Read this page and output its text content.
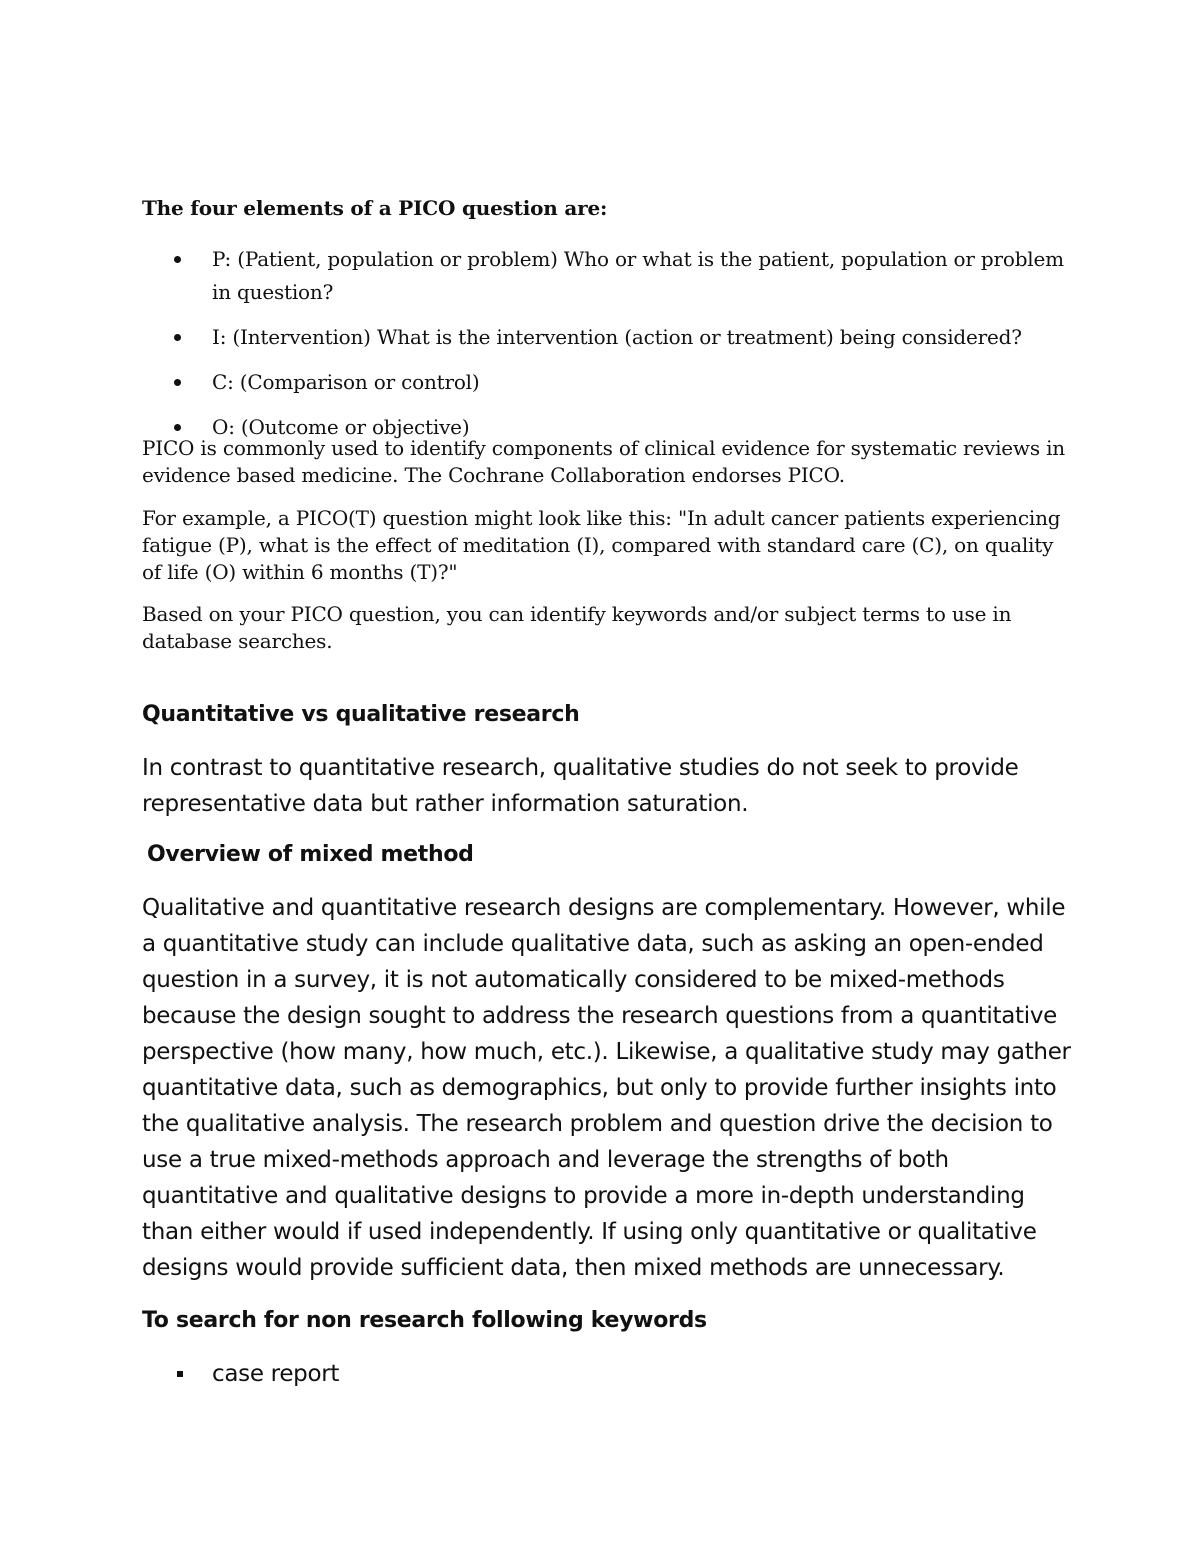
The four elements of a PICO question are:

P: (Patient, population or problem) Who or what is the patient, population or problem in question?
I: (Intervention) What is the intervention (action or treatment) being considered?
C: (Comparison or control)
O: (Outcome or objective)

PICO is commonly used to identify components of clinical evidence for systematic reviews in evidence based medicine. The Cochrane Collaboration endorses PICO.

For example, a PICO(T) question might look like this: "In adult cancer patients experiencing fatigue (P), what is the effect of meditation (I), compared with standard care (C), on quality of life (O) within 6 months (T)?"

Based on your PICO question, you can identify keywords and/or subject terms to use in database searches.

Quantitative vs qualitative research

In contrast to quantitative research, qualitative studies do not seek to provide representative data but rather information saturation.

Overview of mixed method

Qualitative and quantitative research designs are complementary. However, while a quantitative study can include qualitative data, such as asking an open-ended question in a survey, it is not automatically considered to be mixed-methods because the design sought to address the research questions from a quantitative perspective (how many, how much, etc.). Likewise, a qualitative study may gather quantitative data, such as demographics, but only to provide further insights into the qualitative analysis. The research problem and question drive the decision to use a true mixed-methods approach and leverage the strengths of both quantitative and qualitative designs to provide a more in-depth understanding than either would if used independently. If using only quantitative or qualitative designs would provide sufficient data, then mixed methods are unnecessary.

To search for non research following keywords
case report
